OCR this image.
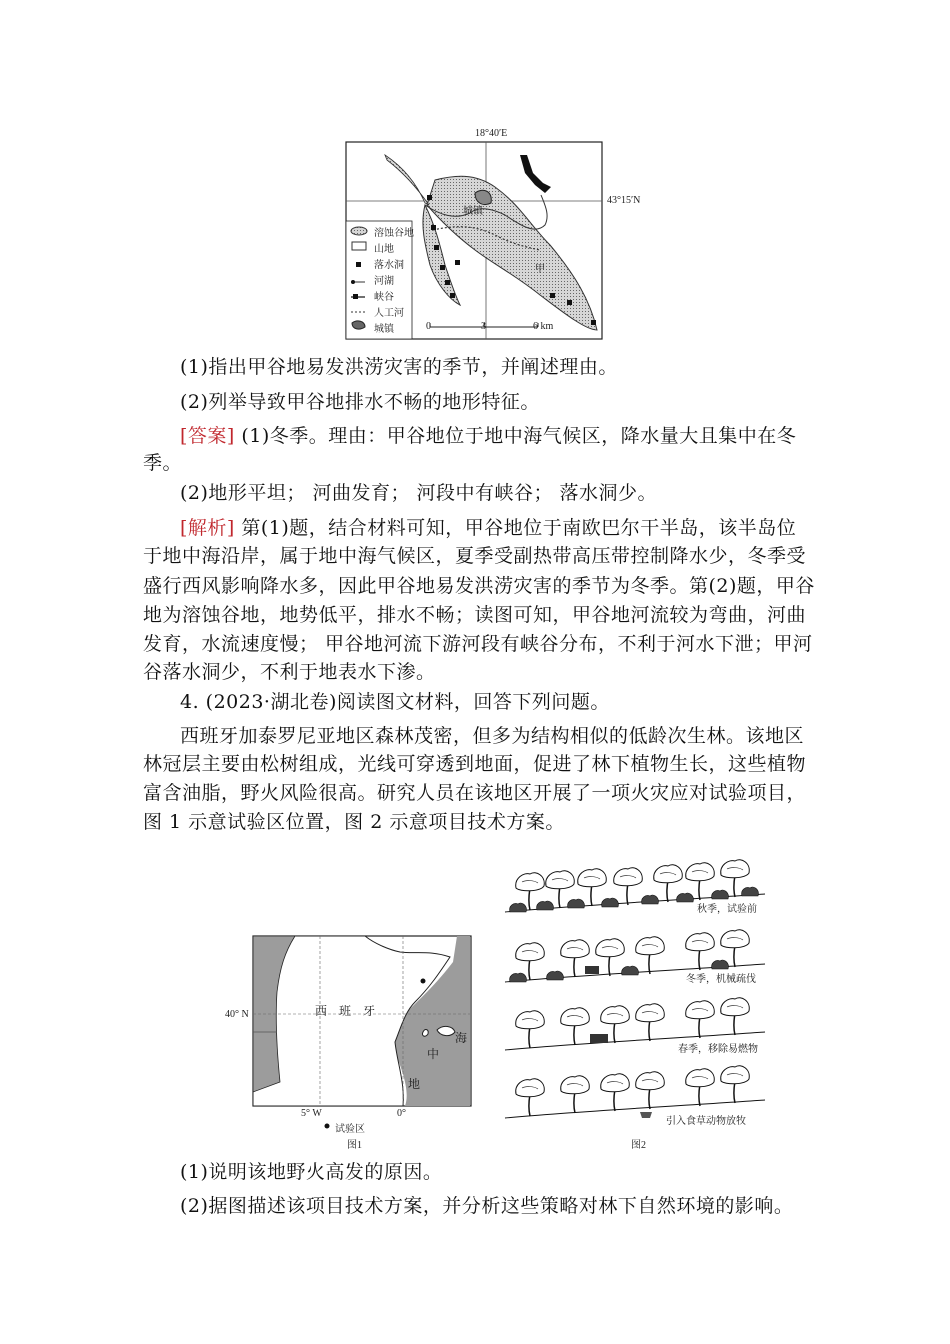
18°40′E
43°15′N
城镇
甲
0	3	6 km
溶蚀谷地
山地
落水洞
河湖
峡谷
人工河
城镇
(1)指出甲谷地易发洪涝灾害的季节，并阐述理由。
(2)列举导致甲谷地排水不畅的地形特征。
[答案] (1)冬季。理由：甲谷地位于地中海气候区，降水量大且集中在冬
季。
(2)地形平坦； 河曲发育； 河段中有峡谷； 落水洞少。
[解析] 第(1)题，结合材料可知，甲谷地位于南欧巴尔干半岛，该半岛位
于地中海沿岸，属于地中海气候区，夏季受副热带高压带控制降水少，冬季受
盛行西风影响降水多，因此甲谷地易发洪涝灾害的季节为冬季。第(2)题，甲谷
地为溶蚀谷地，地势低平，排水不畅；读图可知，甲谷地河流较为弯曲，河曲
发育，水流速度慢； 甲谷地河流下游河段有峡谷分布，不利于河水下泄；甲河
谷落水洞少，不利于地表水下渗。
4. (2023·湖北卷)阅读图文材料，回答下列问题。
西班牙加泰罗尼亚地区森林茂密，但多为结构相似的低龄次生林。该地区
林冠层主要由松树组成，光线可穿透到地面，促进了林下植物生长，这些植物
富含油脂，野火风险很高。研究人员在该地区开展了一项火灾应对试验项目，
图 1 示意试验区位置，图 2 示意项目技术方案。
40° N
5° W	0°
西　班　牙
海
中
地
试验区
图1
秋季，试验前
冬季，机械疏伐
春季，移除易燃物
引入食草动物放牧
图2
(1)说明该地野火高发的原因。
(2)据图描述该项目技术方案，并分析这些策略对林下自然环境的影响。
